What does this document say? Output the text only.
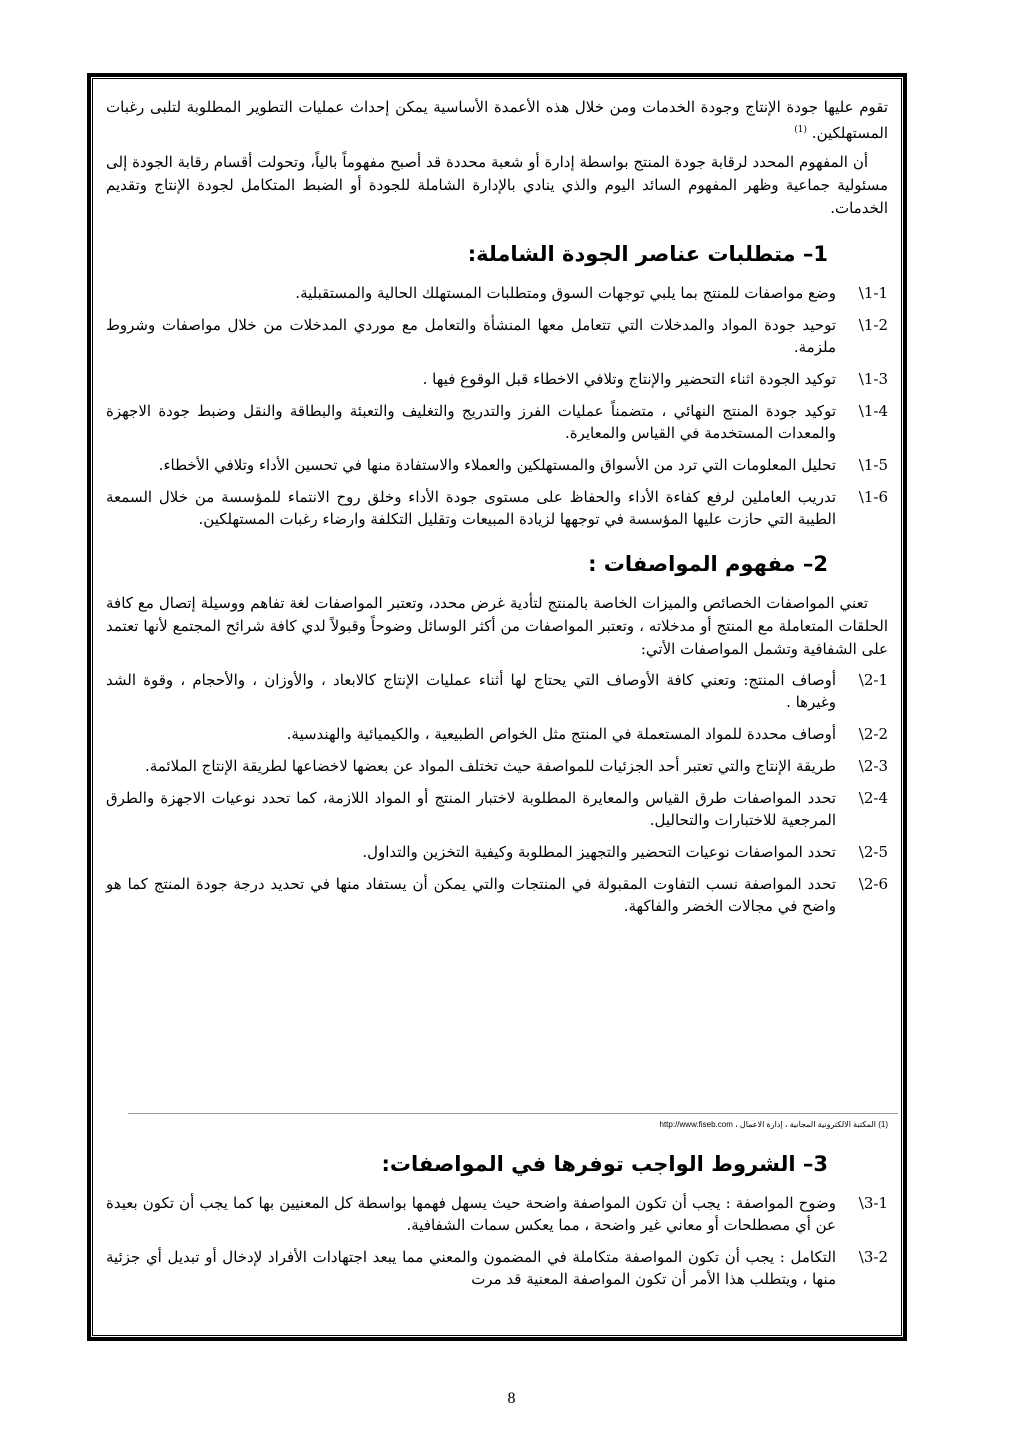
تقوم عليها جودة الإنتاج وجودة الخدمات ومن خلال هذه الأعمدة الأساسية يمكن إحداث عمليات التطوير المطلوبة لتلبى رغبات المستهلكين. $^{(1)}$

أن المفهوم المحدد لرقابة جودة المنتج بواسطة إدارة أو شعبة محددة قد أصبح مفهوماً بالياً، وتحولت أقسام رقابة الجودة إلى مسئولية جماعية وظهر المفهوم السائد اليوم والذي ينادي بالإدارة الشاملة للجودة أو الضبط المتكامل لجودة الإنتاج وتقديم الخدمات.

1– متطلبات عناصر الجودة الشاملة:
1-1\
وضع مواصفات للمنتج بما يلبي توجهات السوق ومتطلبات المستهلك الحالية والمستقبلية.
1-2\
توحيد جودة المواد والمدخلات التي تتعامل معها المنشأة والتعامل مع موردي المدخلات من خلال مواصفات وشروط ملزمة.
1-3\
توكيد الجودة اثناء التحضير والإنتاج وتلافي الاخطاء قبل الوقوع فيها .
1-4\
توكيد جودة المنتج النهائي ، متضمناً عمليات الفرز والتدريج والتغليف والتعبئة والبطاقة والنقل وضبط جودة الاجهزة والمعدات المستخدمة في القياس والمعايرة.
1-5\
تحليل المعلومات التي ترد من الأسواق والمستهلكين والعملاء والاستفادة منها في تحسين الأداء وتلافي الأخطاء.
1-6\
تدريب العاملين لرفع كفاءة الأداء والحفاظ على مستوى جودة الأداء وخلق روح الانتماء للمؤسسة من خلال السمعة الطيبة التي حازت عليها المؤسسة في توجهها لزيادة المبيعات وتقليل التكلفة وارضاء رغبات المستهلكين.
2– مفهوم المواصفات :

تعني المواصفات الخصائص والميزات الخاصة بالمنتج لتأدية غرض محدد، وتعتبر المواصفات لغة تفاهم ووسيلة إتصال مع كافة الحلقات المتعاملة مع المنتج أو مدخلاته ، وتعتبر المواصفات من أكثر الوسائل وضوحاً وقبولاً لدي كافة شرائح المجتمع لأنها تعتمد على الشفافية وتشمل المواصفات الأتي:

2-1\
أوصاف المنتج: وتعني كافة الأوصاف التي يحتاج لها أثناء عمليات الإنتاج كالابعاد ، والأوزان ، والأحجام ، وقوة الشد وغيرها .
2-2\
أوصاف محددة للمواد المستعملة في المنتج مثل الخواص الطبيعية ، والكيميائية والهندسية.
2-3\
طريقة الإنتاج والتي تعتبر أحد الجزئيات للمواصفة حيث تختلف المواد عن بعضها لاخضاعها لطريقة الإنتاج الملائمة.
2-4\
تحدد المواصفات طرق القياس والمعايرة المطلوبة لاختبار المنتج أو المواد اللازمة، كما تحدد نوعيات الاجهزة والطرق المرجعية للاختبارات والتحاليل.
2-5\
تحدد المواصفات نوعيات التحضير والتجهيز المطلوبة وكيفية التخزين والتداول.
2-6\
تحدد المواصفة نسب التفاوت المقبولة في المنتجات والتي يمكن أن يستفاد منها في تحديد درجة جودة المنتج كما هو واضح في مجالات الخضر والفاكهة.
(1) المكتبة الالكترونية المجانية ، إدارة الاعمال ، http://www.fiseb.com
3– الشروط الواجب توفرها في المواصفات:
3-1\
وضوح المواصفة : يجب أن تكون المواصفة واضحة حيث يسهل فهمها بواسطة كل المعنيين بها كما يجب أن تكون بعيدة عن أي مصطلحات أو معاني غير واضحة ، مما يعكس سمات الشفافية.
3-2\
التكامل : يجب أن تكون المواصفة متكاملة في المضمون والمعني مما يبعد اجتهادات الأفراد لإدخال أو تبديل أي جزئية منها ، ويتطلب هذا الأمر أن تكون المواصفة المعنية قد مرت
8
